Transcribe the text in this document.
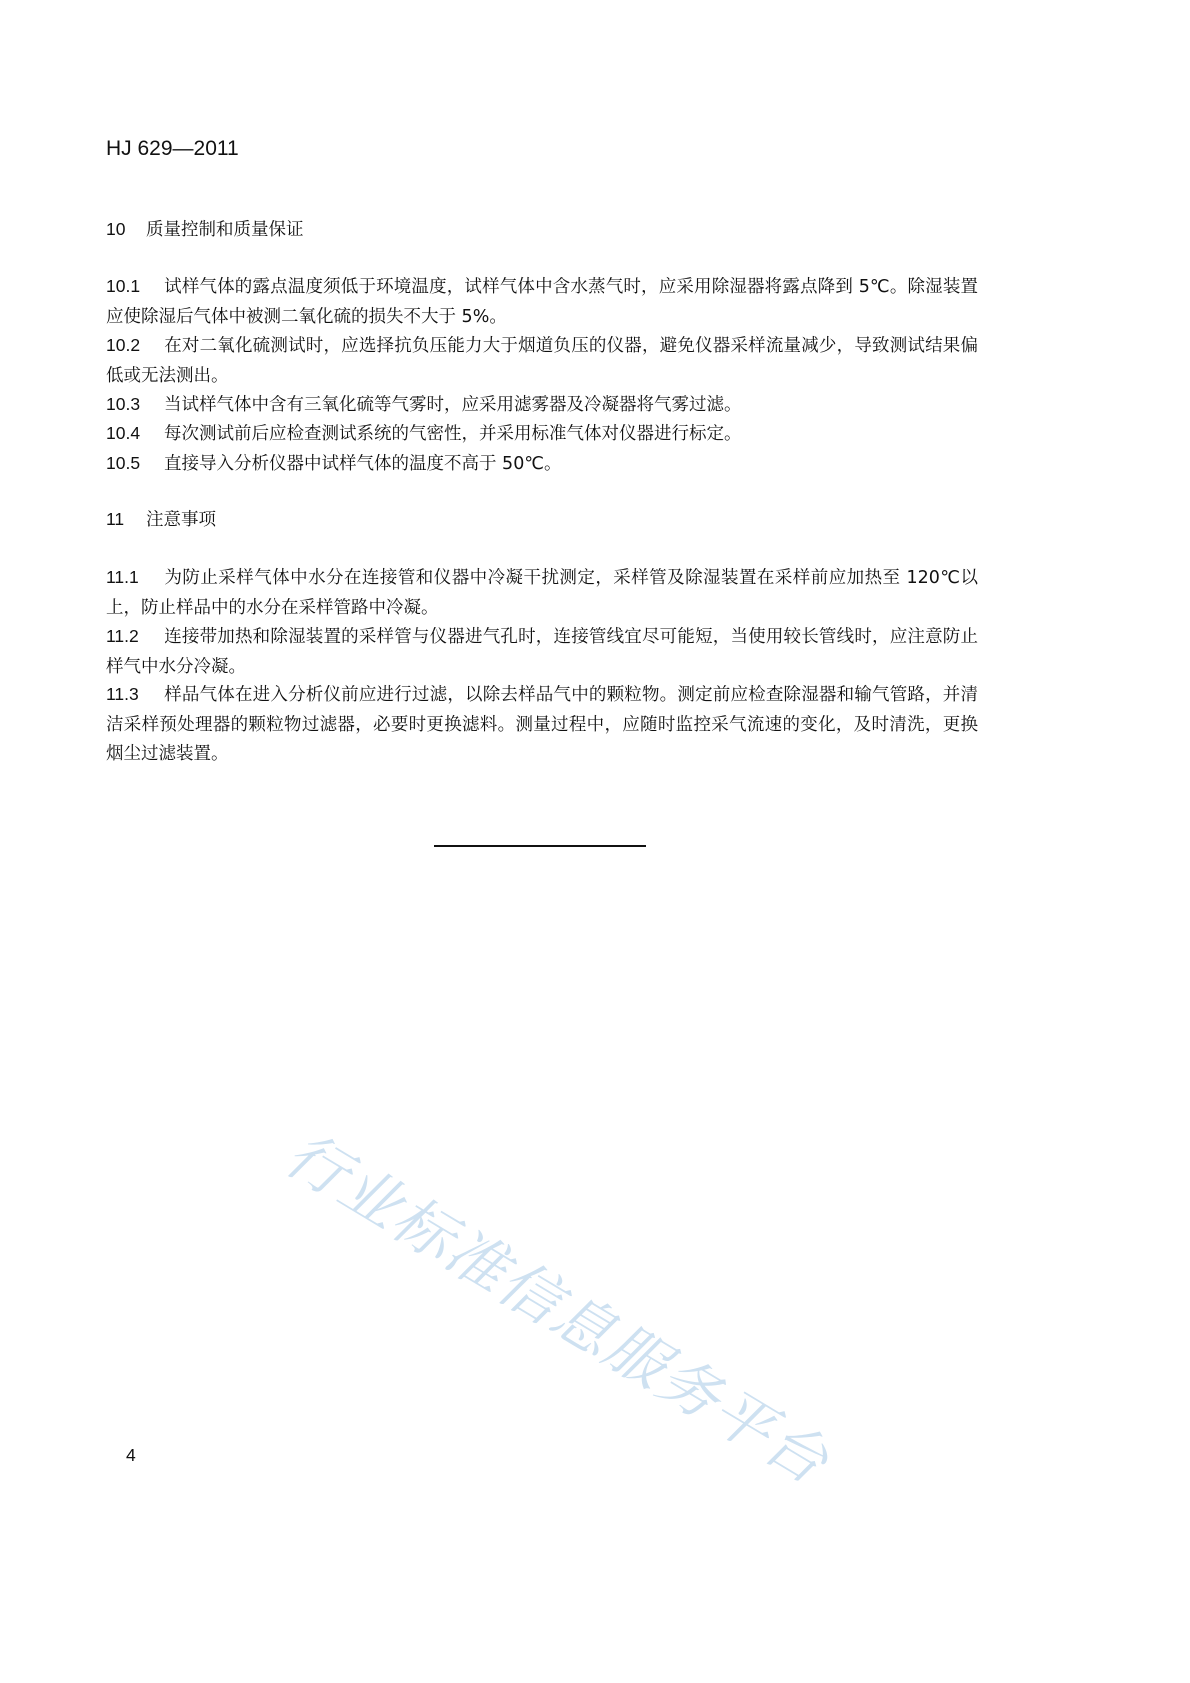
HJ 629—2011
10 质量控制和质量保证
10.1 试样气体的露点温度须低于环境温度，试样气体中含水蒸气时，应采用除湿器将露点降到 5℃。除湿装置应使除湿后气体中被测二氧化硫的损失不大于 5%。
10.2 在对二氧化硫测试时，应选择抗负压能力大于烟道负压的仪器，避免仪器采样流量减少，导致测试结果偏低或无法测出。
10.3 当试样气体中含有三氧化硫等气雾时，应采用滤雾器及冷凝器将气雾过滤。
10.4 每次测试前后应检查测试系统的气密性，并采用标准气体对仪器进行标定。
10.5 直接导入分析仪器中试样气体的温度不高于 50℃。
11 注意事项
11.1 为防止采样气体中水分在连接管和仪器中冷凝干扰测定，采样管及除湿装置在采样前应加热至 120℃以上，防止样品中的水分在采样管路中冷凝。
11.2 连接带加热和除湿装置的采样管与仪器进气孔时，连接管线宜尽可能短，当使用较长管线时，应注意防止样气中水分冷凝。
11.3 样品气体在进入分析仪前应进行过滤，以除去样品气中的颗粒物。测定前应检查除湿器和输气管路，并清洁采样预处理器的颗粒物过滤器，必要时更换滤料。测量过程中，应随时监控采气流速的变化，及时清洗，更换烟尘过滤装置。
行业标准信息服务平台
4
